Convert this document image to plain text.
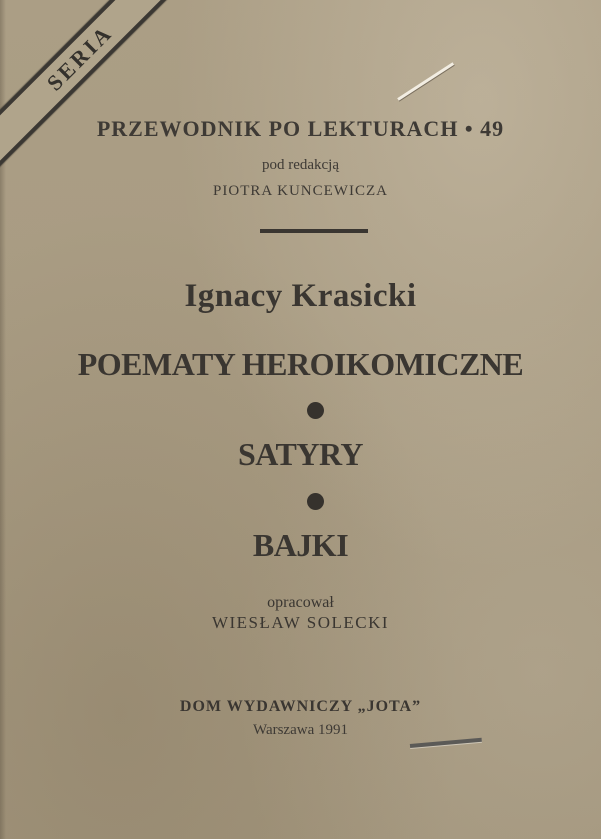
SERIA
PRZEWODNIK PO LEKTURACH • 49
pod redakcją
PIOTRA KUNCEWICZA
Ignacy Krasicki
POEMATY HEROIKOMICZNE
SATYRY
BAJKI
opracował
WIESŁAW SOLECKI
DOM WYDAWNICZY „JOTA”
Warszawa 1991
